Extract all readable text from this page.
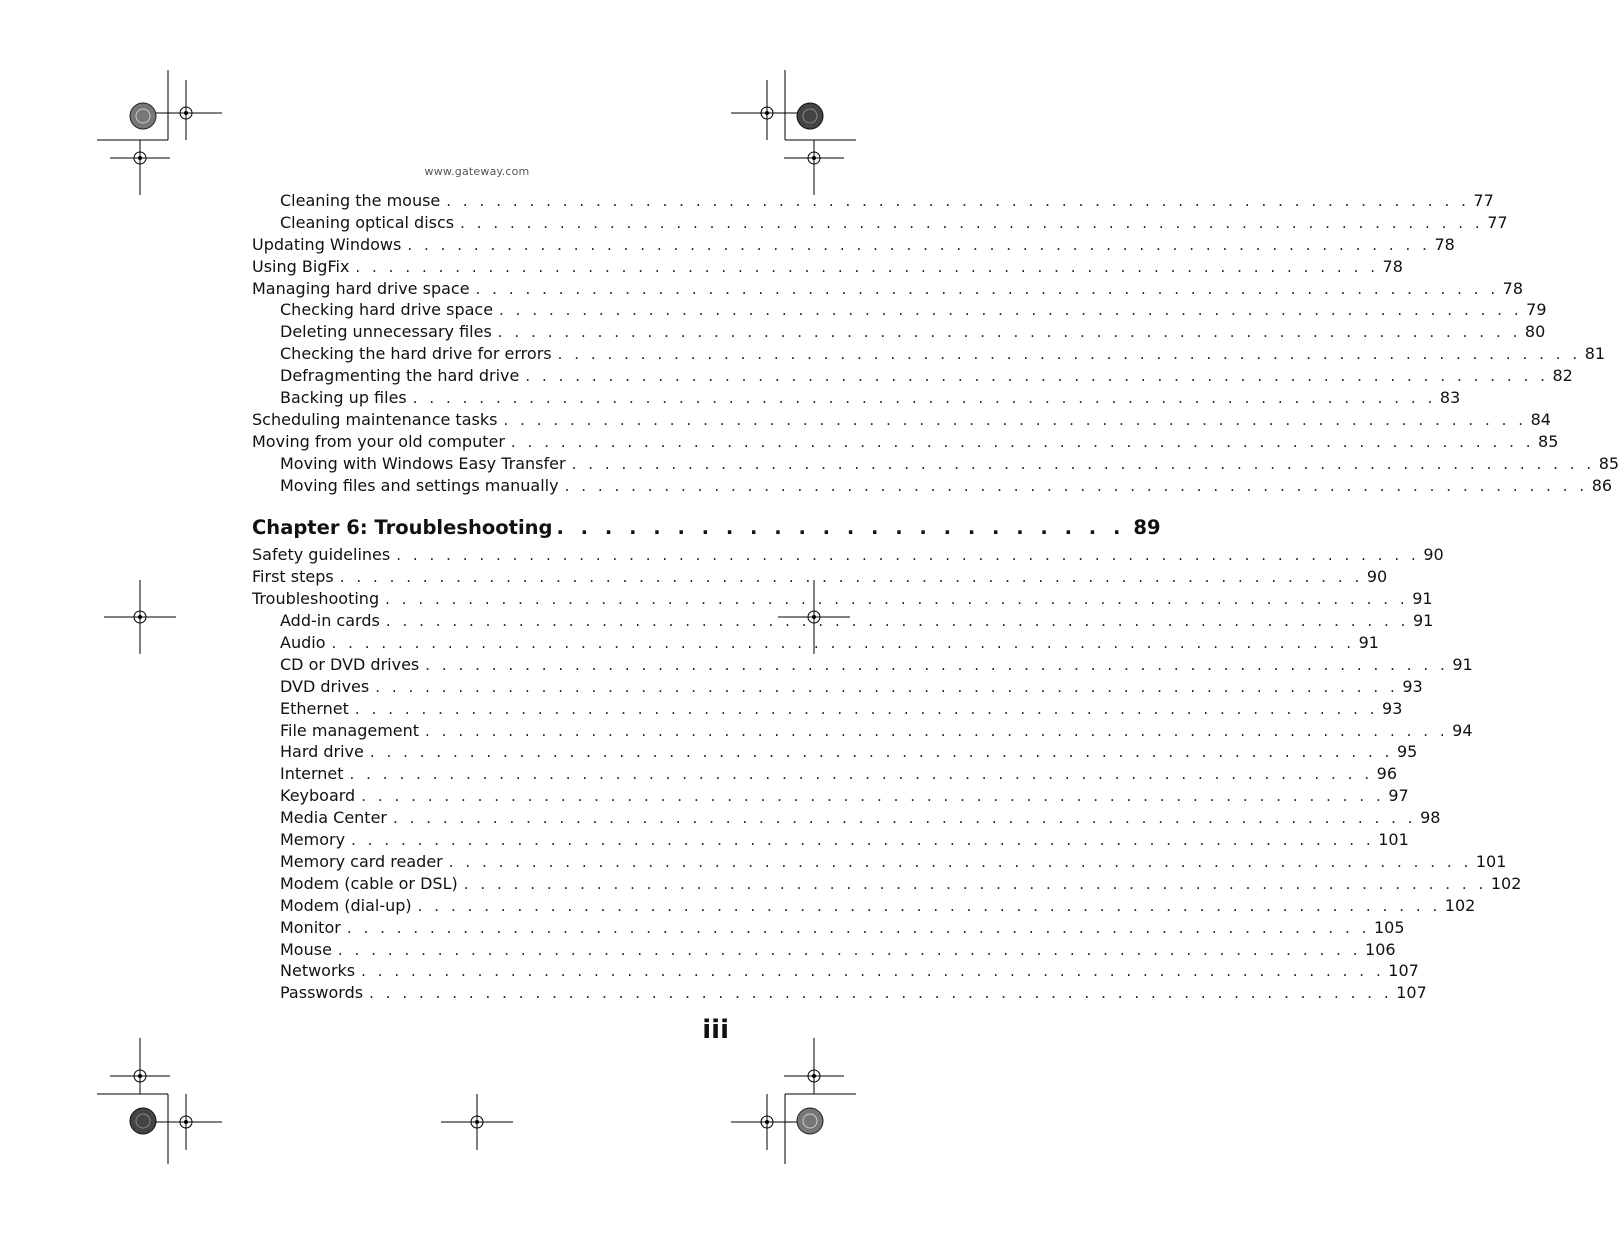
www.gateway.com
Cleaning the mouse . . . . . . . . . . . . . . . . . . . . . . . . . . . . . . . . . . . . . . . . . . . . . . . . . . . . . . . . . . . . . . 77
Cleaning optical discs . . . . . . . . . . . . . . . . . . . . . . . . . . . . . . . . . . . . . . . . . . . . . . . . . . . . . . . . . . . . . . 77
Updating Windows . . . . . . . . . . . . . . . . . . . . . . . . . . . . . . . . . . . . . . . . . . . . . . . . . . . . . . . . . . . . . . 78
Using BigFix . . . . . . . . . . . . . . . . . . . . . . . . . . . . . . . . . . . . . . . . . . . . . . . . . . . . . . . . . . . . . . 78
Managing hard drive space . . . . . . . . . . . . . . . . . . . . . . . . . . . . . . . . . . . . . . . . . . . . . . . . . . . . . . . . . . . . . . 78
Checking hard drive space . . . . . . . . . . . . . . . . . . . . . . . . . . . . . . . . . . . . . . . . . . . . . . . . . . . . . . . . . . . . . . 79
Deleting unnecessary files . . . . . . . . . . . . . . . . . . . . . . . . . . . . . . . . . . . . . . . . . . . . . . . . . . . . . . . . . . . . . . 80
Checking the hard drive for errors . . . . . . . . . . . . . . . . . . . . . . . . . . . . . . . . . . . . . . . . . . . . . . . . . . . . . . . . . . . . . . 81
Defragmenting the hard drive . . . . . . . . . . . . . . . . . . . . . . . . . . . . . . . . . . . . . . . . . . . . . . . . . . . . . . . . . . . . . . 82
Backing up files . . . . . . . . . . . . . . . . . . . . . . . . . . . . . . . . . . . . . . . . . . . . . . . . . . . . . . . . . . . . . . 83
Scheduling maintenance tasks . . . . . . . . . . . . . . . . . . . . . . . . . . . . . . . . . . . . . . . . . . . . . . . . . . . . . . . . . . . . . . 84
Moving from your old computer . . . . . . . . . . . . . . . . . . . . . . . . . . . . . . . . . . . . . . . . . . . . . . . . . . . . . . . . . . . . . . 85
Moving with Windows Easy Transfer . . . . . . . . . . . . . . . . . . . . . . . . . . . . . . . . . . . . . . . . . . . . . . . . . . . . . . . . . . . . . . 85
Moving files and settings manually . . . . . . . . . . . . . . . . . . . . . . . . . . . . . . . . . . . . . . . . . . . . . . . . . . . . . . . . . . . . . . 86
Chapter 6: Troubleshooting . . . . . . . . . . . . . . . . . . . . . . . . 89
Safety guidelines . . . . . . . . . . . . . . . . . . . . . . . . . . . . . . . . . . . . . . . . . . . . . . . . . . . . . . . . . . . . . . 90
First steps . . . . . . . . . . . . . . . . . . . . . . . . . . . . . . . . . . . . . . . . . . . . . . . . . . . . . . . . . . . . . . 90
Troubleshooting . . . . . . . . . . . . . . . . . . . . . . . . . . . . . . . . . . . . . . . . . . . . . . . . . . . . . . . . . . . . . . 91
Add-in cards . . . . . . . . . . . . . . . . . . . . . . . . . . . . . . . . . . . . . . . . . . . . . . . . . . . . . . . . . . . . . . 91
Audio . . . . . . . . . . . . . . . . . . . . . . . . . . . . . . . . . . . . . . . . . . . . . . . . . . . . . . . . . . . . . . 91
CD or DVD drives . . . . . . . . . . . . . . . . . . . . . . . . . . . . . . . . . . . . . . . . . . . . . . . . . . . . . . . . . . . . . . 91
DVD drives . . . . . . . . . . . . . . . . . . . . . . . . . . . . . . . . . . . . . . . . . . . . . . . . . . . . . . . . . . . . . . 93
Ethernet . . . . . . . . . . . . . . . . . . . . . . . . . . . . . . . . . . . . . . . . . . . . . . . . . . . . . . . . . . . . . . 93
File management . . . . . . . . . . . . . . . . . . . . . . . . . . . . . . . . . . . . . . . . . . . . . . . . . . . . . . . . . . . . . . 94
Hard drive . . . . . . . . . . . . . . . . . . . . . . . . . . . . . . . . . . . . . . . . . . . . . . . . . . . . . . . . . . . . . . 95
Internet . . . . . . . . . . . . . . . . . . . . . . . . . . . . . . . . . . . . . . . . . . . . . . . . . . . . . . . . . . . . . . 96
Keyboard . . . . . . . . . . . . . . . . . . . . . . . . . . . . . . . . . . . . . . . . . . . . . . . . . . . . . . . . . . . . . . 97
Media Center . . . . . . . . . . . . . . . . . . . . . . . . . . . . . . . . . . . . . . . . . . . . . . . . . . . . . . . . . . . . . . 98
Memory . . . . . . . . . . . . . . . . . . . . . . . . . . . . . . . . . . . . . . . . . . . . . . . . . . . . . . . . . . . . . . 101
Memory card reader . . . . . . . . . . . . . . . . . . . . . . . . . . . . . . . . . . . . . . . . . . . . . . . . . . . . . . . . . . . . . . 101
Modem (cable or DSL) . . . . . . . . . . . . . . . . . . . . . . . . . . . . . . . . . . . . . . . . . . . . . . . . . . . . . . . . . . . . . . 102
Modem (dial-up) . . . . . . . . . . . . . . . . . . . . . . . . . . . . . . . . . . . . . . . . . . . . . . . . . . . . . . . . . . . . . . 102
Monitor . . . . . . . . . . . . . . . . . . . . . . . . . . . . . . . . . . . . . . . . . . . . . . . . . . . . . . . . . . . . . . 105
Mouse . . . . . . . . . . . . . . . . . . . . . . . . . . . . . . . . . . . . . . . . . . . . . . . . . . . . . . . . . . . . . . 106
Networks . . . . . . . . . . . . . . . . . . . . . . . . . . . . . . . . . . . . . . . . . . . . . . . . . . . . . . . . . . . . . . 107
Passwords . . . . . . . . . . . . . . . . . . . . . . . . . . . . . . . . . . . . . . . . . . . . . . . . . . . . . . . . . . . . . . 107
iii
